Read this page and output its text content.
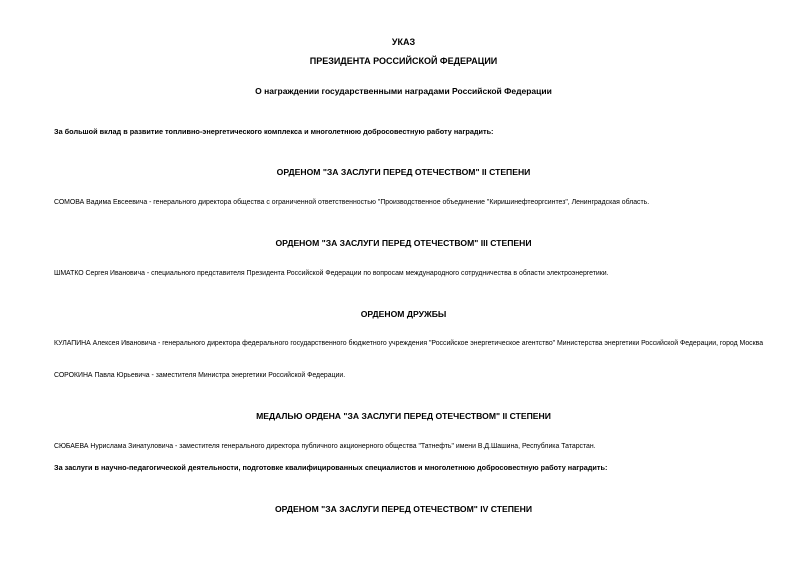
УКАЗ
ПРЕЗИДЕНТА РОССИЙСКОЙ ФЕДЕРАЦИИ
О награждении государственными наградами Российской Федерации
За большой вклад в развитие топливно-энергетического комплекса и многолетнюю добросовестную работу наградить:
ОРДЕНОМ "ЗА ЗАСЛУГИ ПЕРЕД ОТЕЧЕСТВОМ" II СТЕПЕНИ
СОМОВА Вадима Евсеевича - генерального директора общества с ограниченной ответственностью "Производственное объединение "Киришинефтеоргсинтез", Ленинградская область.
ОРДЕНОМ "ЗА ЗАСЛУГИ ПЕРЕД ОТЕЧЕСТВОМ" III СТЕПЕНИ
ШМАТКО Сергея Ивановича - специального представителя Президента Российской Федерации по вопросам международного сотрудничества в области электроэнергетики.
ОРДЕНОМ ДРУЖБЫ
КУЛАПИНА Алексея Ивановича - генерального директора федерального государственного бюджетного учреждения "Российское энергетическое агентство" Министерства энергетики Российской Федерации, город Москва
СОРОКИНА Павла Юрьевича - заместителя Министра энергетики Российской Федерации.
МЕДАЛЬЮ ОРДЕНА "ЗА ЗАСЛУГИ ПЕРЕД ОТЕЧЕСТВОМ" II СТЕПЕНИ
СЮБАЕВА Нурислама Зинатуловича - заместителя генерального директора публичного акционерного общества "Татнефть" имени В.Д.Шашина, Республика Татарстан.
За заслуги в научно-педагогической деятельности, подготовке квалифицированных специалистов и многолетнюю добросовестную работу наградить:
ОРДЕНОМ "ЗА ЗАСЛУГИ ПЕРЕД ОТЕЧЕСТВОМ" IV СТЕПЕНИ
